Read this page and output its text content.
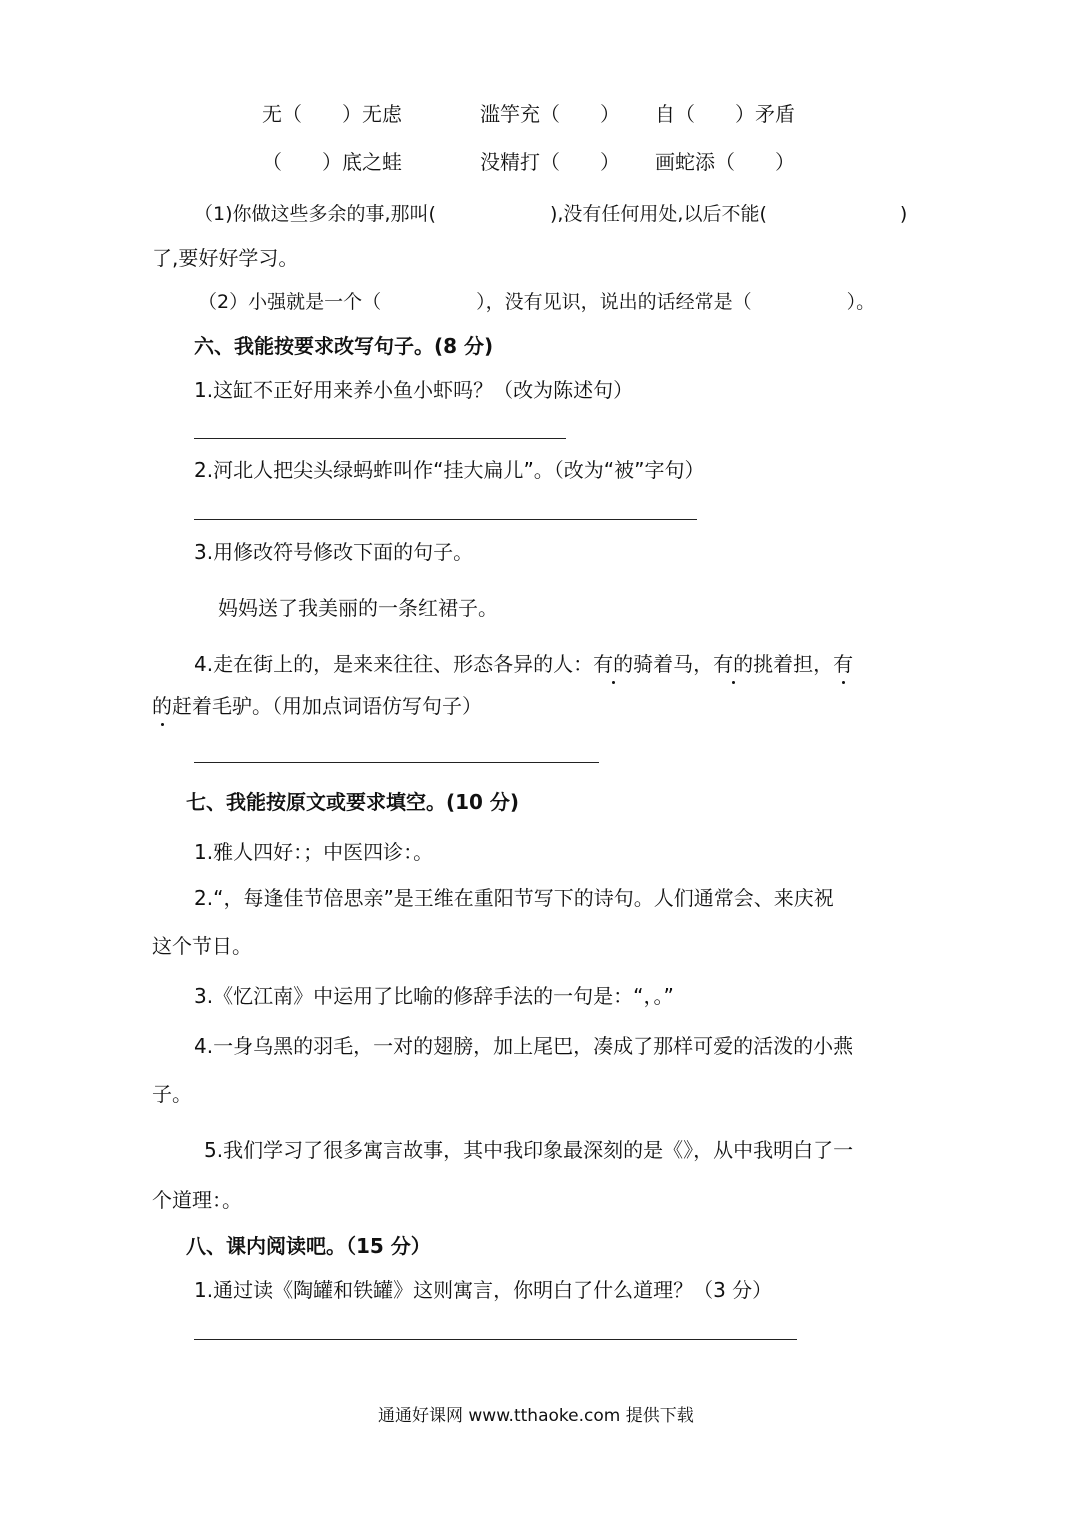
无（　　）无虑	滥竽充（　　） 自（　　）矛盾
（　　）底之蛙	没精打（　　） 画蛇添（　　）
（1)你做这些多余的事,那叫(　　　　　　),没有任何用处,以后不能(　　　　　　　)
了,要好好学习。
（2）小强就是一个（　　　　　），没有见识，说出的话经常是（　　　　　）。
六、我能按要求改写句子。(8 分)
1.这缸不正好用来养小鱼小虾吗？（改为陈述句）
2.河北人把尖头绿蚂蚱叫作“挂大扁儿”。（改为“被”字句）
3.用修改符号修改下面的句子。
妈妈送了我美丽的一条红裙子。
4.走在街上的，是来来往往、形态各异的人：有的骑着马，有的挑着担，有
的赶着毛驴。（用加点词语仿写句子）
七、我能按原文或要求填空。(10 分)
1.雅人四好：；中医四诊：。
2.“，每逢佳节倍思亲”是王维在重阳节写下的诗句。人们通常会、来庆祝
这个节日。
3.《忆江南》中运用了比喻的修辞手法的一句是：“，。”
4.一身乌黑的羽毛，一对的翅膀，加上尾巴，凑成了那样可爱的活泼的小燕
子。
5.我们学习了很多寓言故事，其中我印象最深刻的是《》，从中我明白了一
个道理：。
八、课内阅读吧。（15 分）
1.通过读《陶罐和铁罐》这则寓言，你明白了什么道理？（3 分）
通通好课网 www.tthaoke.com 提供下载
